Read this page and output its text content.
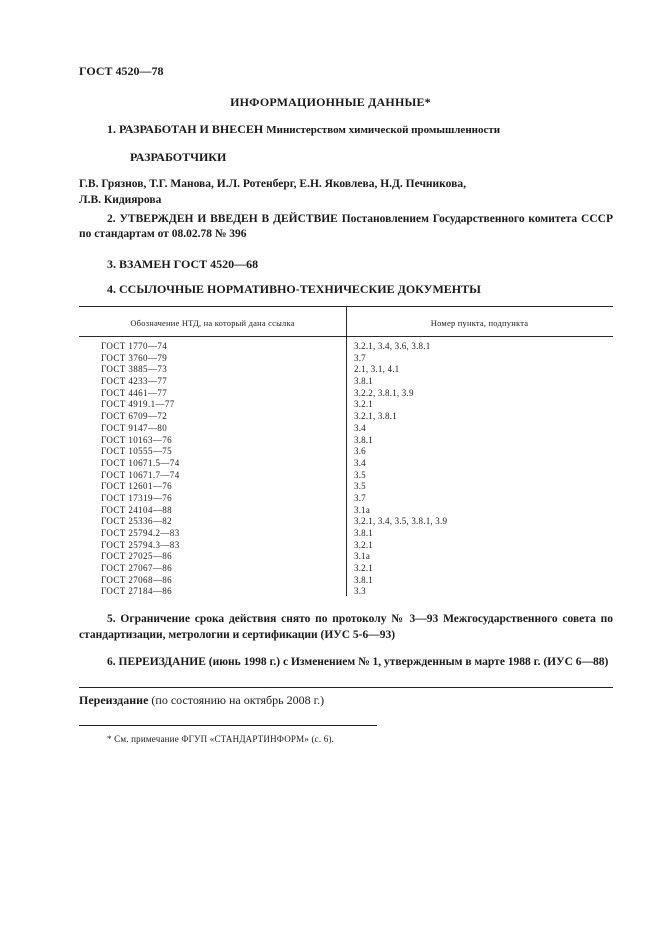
ГОСТ 4520—78
ИНФОРМАЦИОННЫЕ ДАННЫЕ*
1. РАЗРАБОТАН И ВНЕСЕН Министерством химической промышленности
РАЗРАБОТЧИКИ
Г.В. Грязнов, Т.Г. Манова, И.Л. Ротенберг, Е.Н. Яковлева, Н.Д. Печникова,
Л.В. Кидиярова
2. УТВЕРЖДЕН И ВВЕДЕН В ДЕЙСТВИЕ Постановлением Государственного комитета СССР по стандартам от 08.02.78 № 396
3. ВЗАМЕН ГОСТ 4520—68
4. ССЫЛОЧНЫЕ НОРМАТИВНО-ТЕХНИЧЕСКИЕ ДОКУМЕНТЫ
Обозначение НТД, на который дана ссылка	Номер пункта, подпункта
ГОСТ 1770—74	3.2.1, 3.4, 3.6, 3.8.1
ГОСТ 3760—79	3.7
ГОСТ 3885—73	2.1, 3.1, 4.1
ГОСТ 4233—77	3.8.1
ГОСТ 4461—77	3.2.2, 3.8.1, 3.9
ГОСТ 4919.1—77	3.2.1
ГОСТ 6709—72	3.2.1, 3.8.1
ГОСТ 9147—80	3.4
ГОСТ 10163—76	3.8.1
ГОСТ 10555—75	3.6
ГОСТ 10671.5—74	3.4
ГОСТ 10671.7—74	3.5
ГОСТ 12601—76	3.5
ГОСТ 17319—76	3.7
ГОСТ 24104—88	3.1а
ГОСТ 25336—82	3.2.1, 3.4, 3.5, 3.8.1, 3.9
ГОСТ 25794.2—83	3.8.1
ГОСТ 25794.3—83	3.2.1
ГОСТ 27025—86	3.1а
ГОСТ 27067—86	3.2.1
ГОСТ 27068—86	3.8.1
ГОСТ 27184—86	3.3
5. Ограничение срока действия снято по протоколу № 3—93 Межгосударственного совета по стандартизации, метрологии и сертификации (ИУС 5-6—93)
6. ПЕРЕИЗДАНИЕ (июнь 1998 г.) с Изменением № 1, утвержденным в марте 1988 г. (ИУС 6—88)
Переиздание (по состоянию на октябрь 2008 г.)
* См. примечание ФГУП «СТАНДАРТИНФОРМ» (с. 6).
